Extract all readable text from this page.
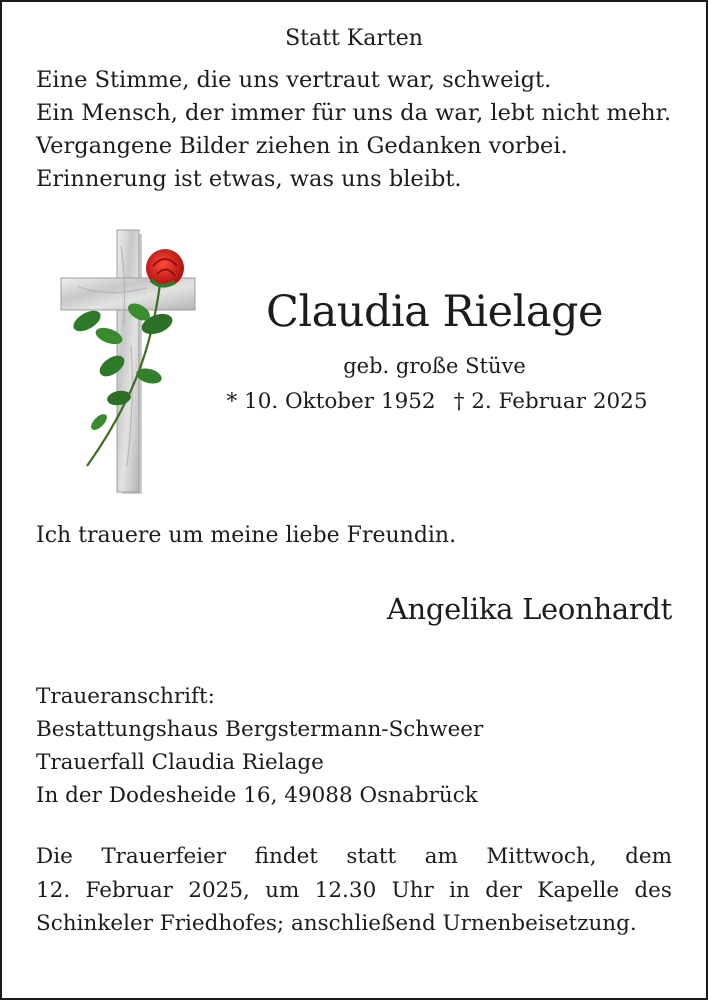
Statt Karten
Eine Stimme, die uns vertraut war, schweigt.
Ein Mensch, der immer für uns da war, lebt nicht mehr.
Vergangene Bilder ziehen in Gedanken vorbei.
Erinnerung ist etwas, was uns bleibt.
Claudia Rielage
geb. große Stüve
* 10. Oktober 1952 † 2. Februar 2025
Ich trauere um meine liebe Freundin.
Angelika Leonhardt
Traueranschrift:
Bestattungshaus Bergstermann-Schweer
Trauerfall Claudia Rielage
In der Dodesheide 16, 49088 Osnabrück
Die Trauerfeier findet statt am Mittwoch, dem
12. Februar 2025, um 12.30 Uhr in der Kapelle des
Schinkeler Friedhofes; anschließend Urnenbeisetzung.
